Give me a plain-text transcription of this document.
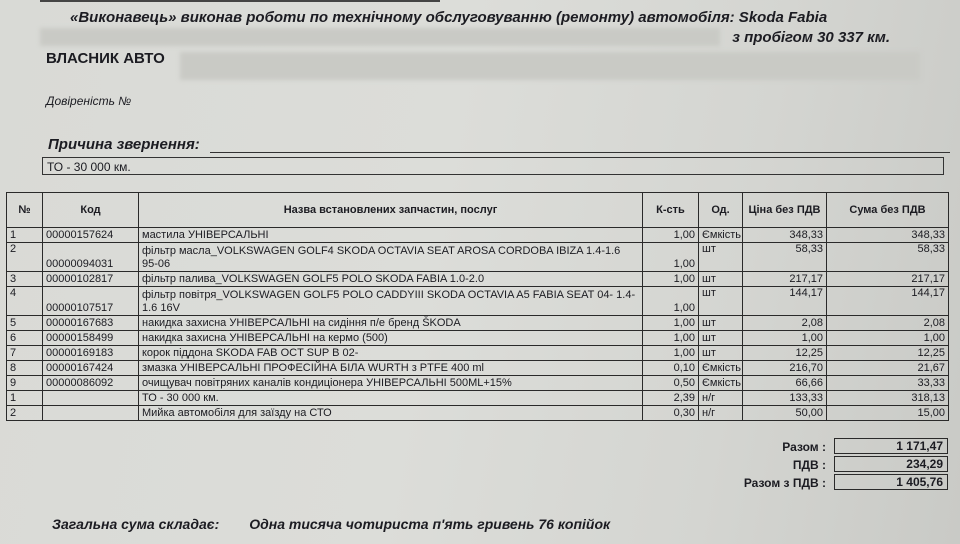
«Виконавець» виконав роботи по технічному обслуговуванню (ремонту) автомобіля: Skoda Fabia
з пробігом 30 337 км.
ВЛАСНИК АВТО
Довіреність №
Причина звернення:
ТО - 30 000 км.
№	Код	Назва встановлених запчастин, послуг	К-сть	Од.	Ціна без ПДВ	Сума без ПДВ
1	00000157624	мастила УНІВЕРСАЛЬНІ	1,00	Ємкість	348,33	348,33
2	00000094031	фільтр масла_VOLKSWAGEN GOLF4 SKODA OCTAVIA SEAT AROSA CORDOBA IBIZA 1.4-1.6 95-06	1,00	шт	58,33	58,33
3	00000102817	фільтр палива_VOLKSWAGEN GOLF5 POLO SKODA FABIA 1.0-2.0	1,00	шт	217,17	217,17
4	00000107517	фільтр повітря_VOLKSWAGEN GOLF5 POLO CADDYIII SKODA OCTAVIA A5 FABIA SEAT 04- 1.4-1.6 16V	1,00	шт	144,17	144,17
5	00000167683	накидка захисна УНІВЕРСАЛЬНІ на сидіння п/е бренд ŠKODA	1,00	шт	2,08	2,08
6	00000158499	накидка захисна УНІВЕРСАЛЬНІ на кермо (500)	1,00	шт	1,00	1,00
7	00000169183	корок піддона SKODA FAB OCT SUP B 02-	1,00	шт	12,25	12,25
8	00000167424	змазка УНІВЕРСАЛЬНІ ПРОФЕСІЙНА БІЛА WURTH з PTFE 400 ml	0,10	Ємкість	216,70	21,67
9	00000086092	очищувач повітряних каналів кондиціонера УНІВЕРСАЛЬНІ 500ML+15%	0,50	Ємкість	66,66	33,33
1		ТО - 30 000 км.	2,39	н/г	133,33	318,13
2		Мийка автомобіля для заїзду на СТО	0,30	н/г	50,00	15,00
Разом :	1 171,47
ПДВ :	234,29
Разом з ПДВ :	1 405,76
Загальна сума складає: Одна тисяча чотириста п'ять гривень 76 копійок
